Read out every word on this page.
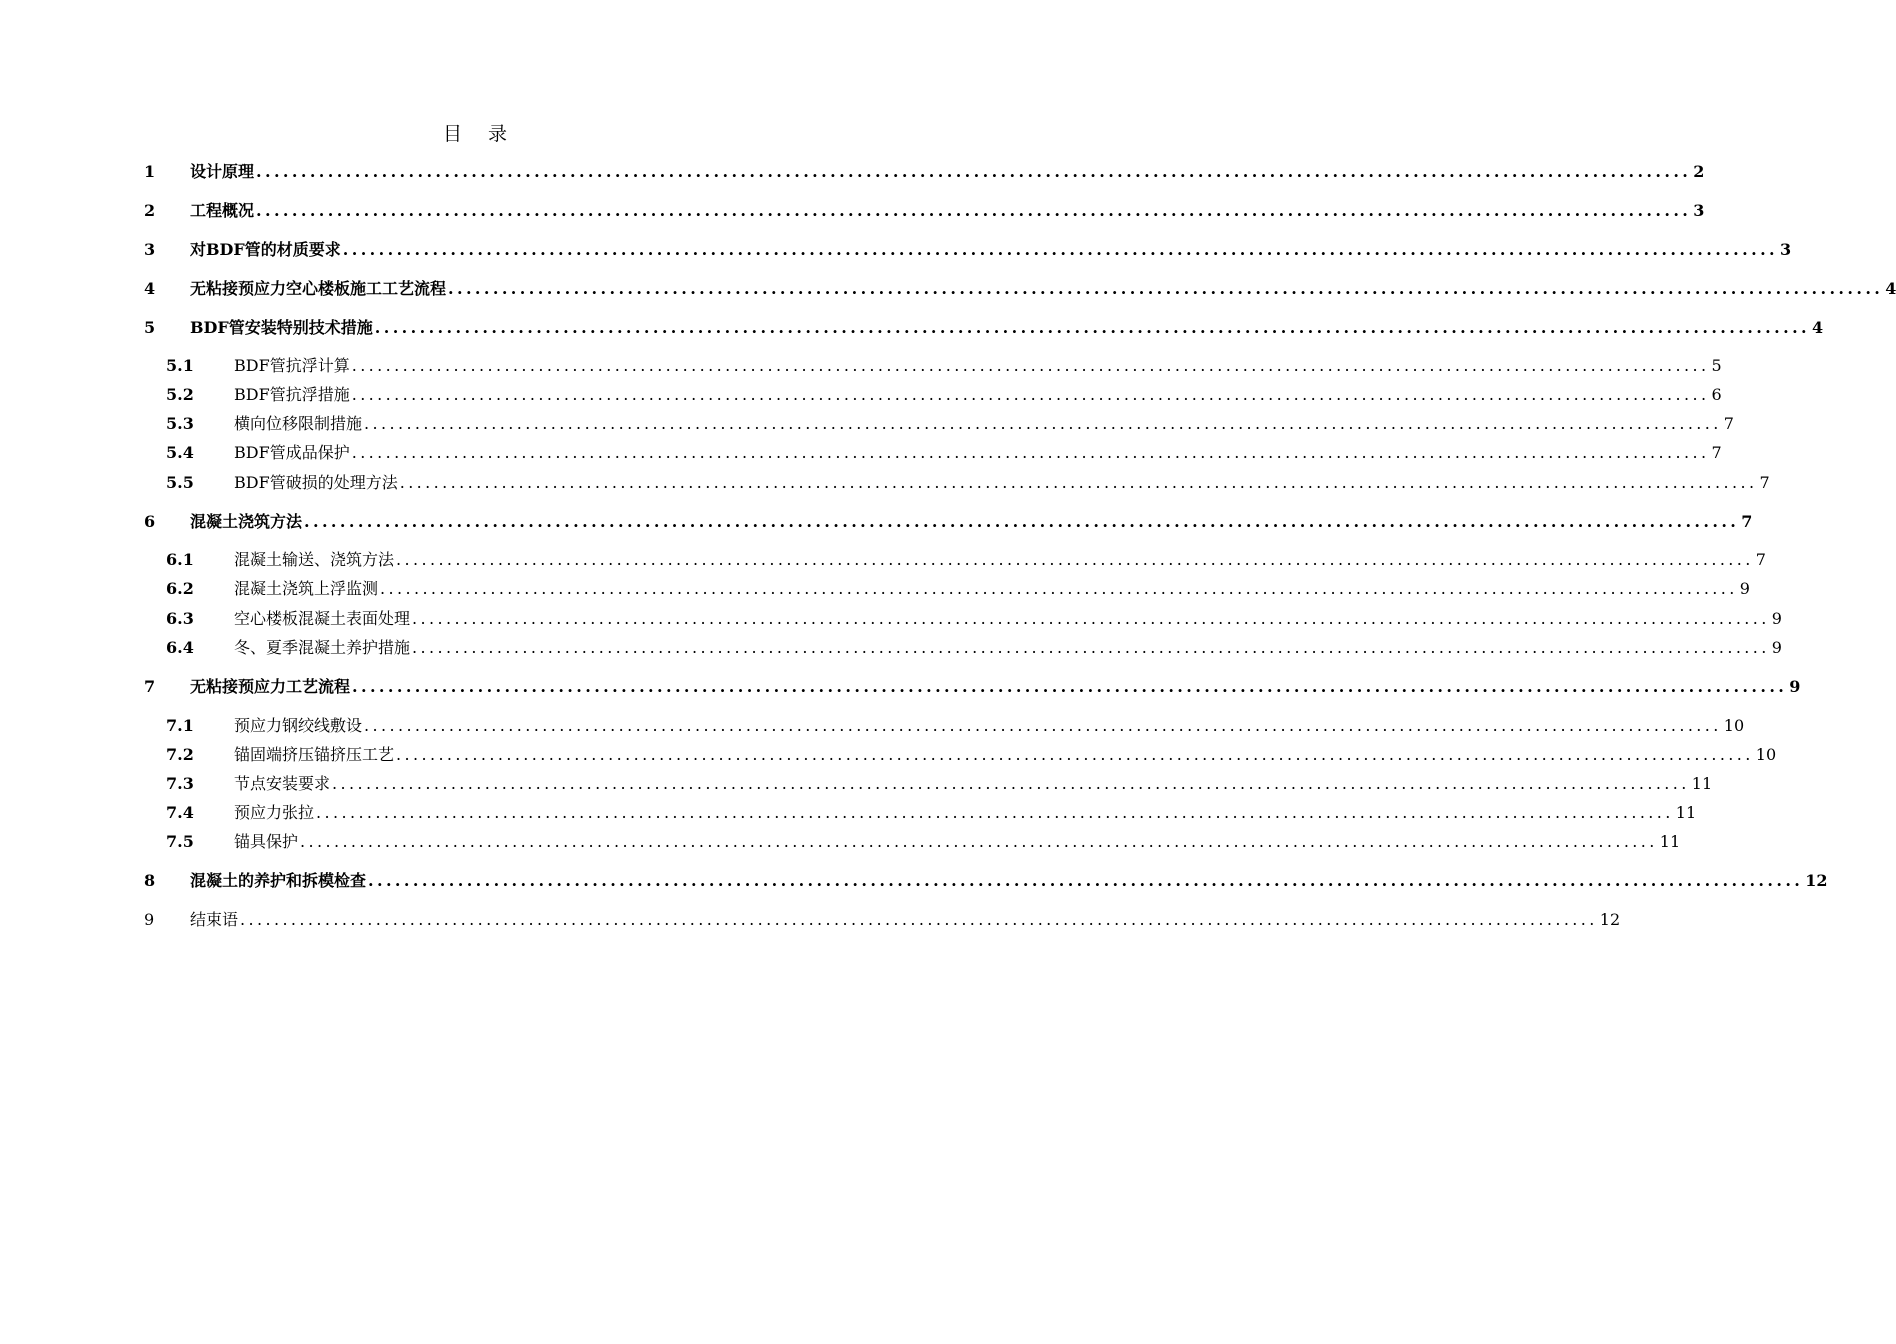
目 录
1 设计原理 ................................................................................................................................................................ 2
2 工程概况 ................................................................................................................................................................ 3
3 对BDF管的材质要求 ................................................................................................................................................................ 3
4 无粘接预应力空心楼板施工工艺流程 ................................................................................................................................................................ 4
5 BDF管安装特别技术措施 ................................................................................................................................................................ 4
5.1	BDF管抗浮计算 ................................................................................................................................................................ 5
5.2	BDF管抗浮措施 ................................................................................................................................................................ 6
5.3	横向位移限制措施 ................................................................................................................................................................ 7
5.4	BDF管成品保护 ................................................................................................................................................................ 7
5.5	BDF管破损的处理方法 ................................................................................................................................................................ 7
6 混凝土浇筑方法 ................................................................................................................................................................ 7
6.1	混凝土输送、浇筑方法 ................................................................................................................................................................ 7
6.2	混凝土浇筑上浮监测 ................................................................................................................................................................ 9
6.3	空心楼板混凝土表面处理 ................................................................................................................................................................ 9
6.4	冬、夏季混凝土养护措施 ................................................................................................................................................................ 9
7 无粘接预应力工艺流程 ................................................................................................................................................................ 9
7.1	预应力钢绞线敷设 ................................................................................................................................................................ 10
7.2	锚固端挤压锚挤压工艺 ................................................................................................................................................................ 10
7.3	节点安装要求 ................................................................................................................................................................ 11
7.4	预应力张拉 ................................................................................................................................................................ 11
7.5	锚具保护 ................................................................................................................................................................ 11
8 混凝土的养护和拆模检查 ................................................................................................................................................................ 12
9 结束语 ................................................................................................................................................................ 12
